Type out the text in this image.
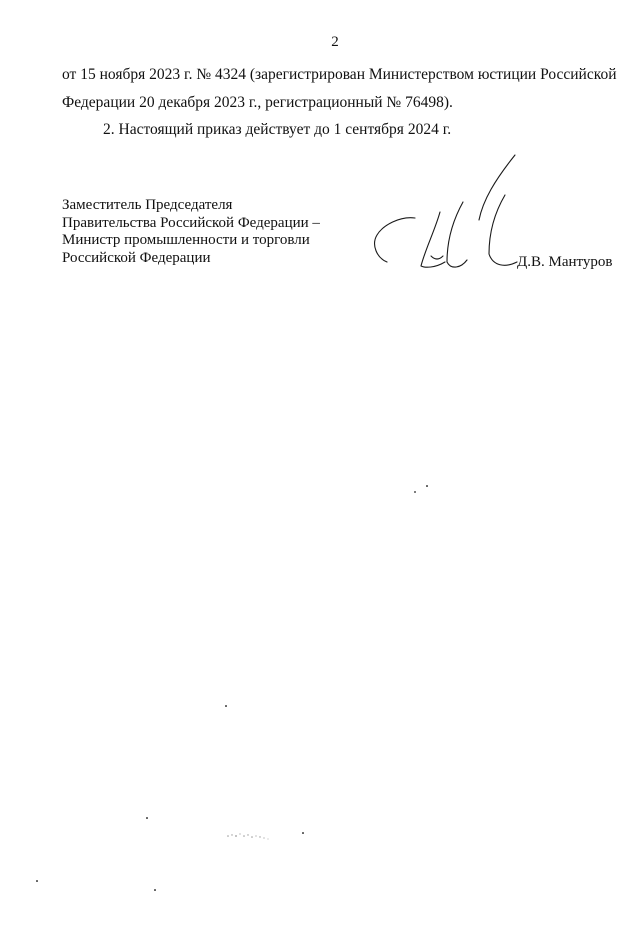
2
от 15 ноября 2023 г. № 4324 (зарегистрирован Министерством юстиции Российской
Федерации 20 декабря 2023 г., регистрационный № 76498).
2. Настоящий приказ действует до 1 сентября 2024 г.
Заместитель Председателя
Правительства Российской Федерации –
Министр промышленности и торговли
Российской Федерации	Д.В. Мантуров
